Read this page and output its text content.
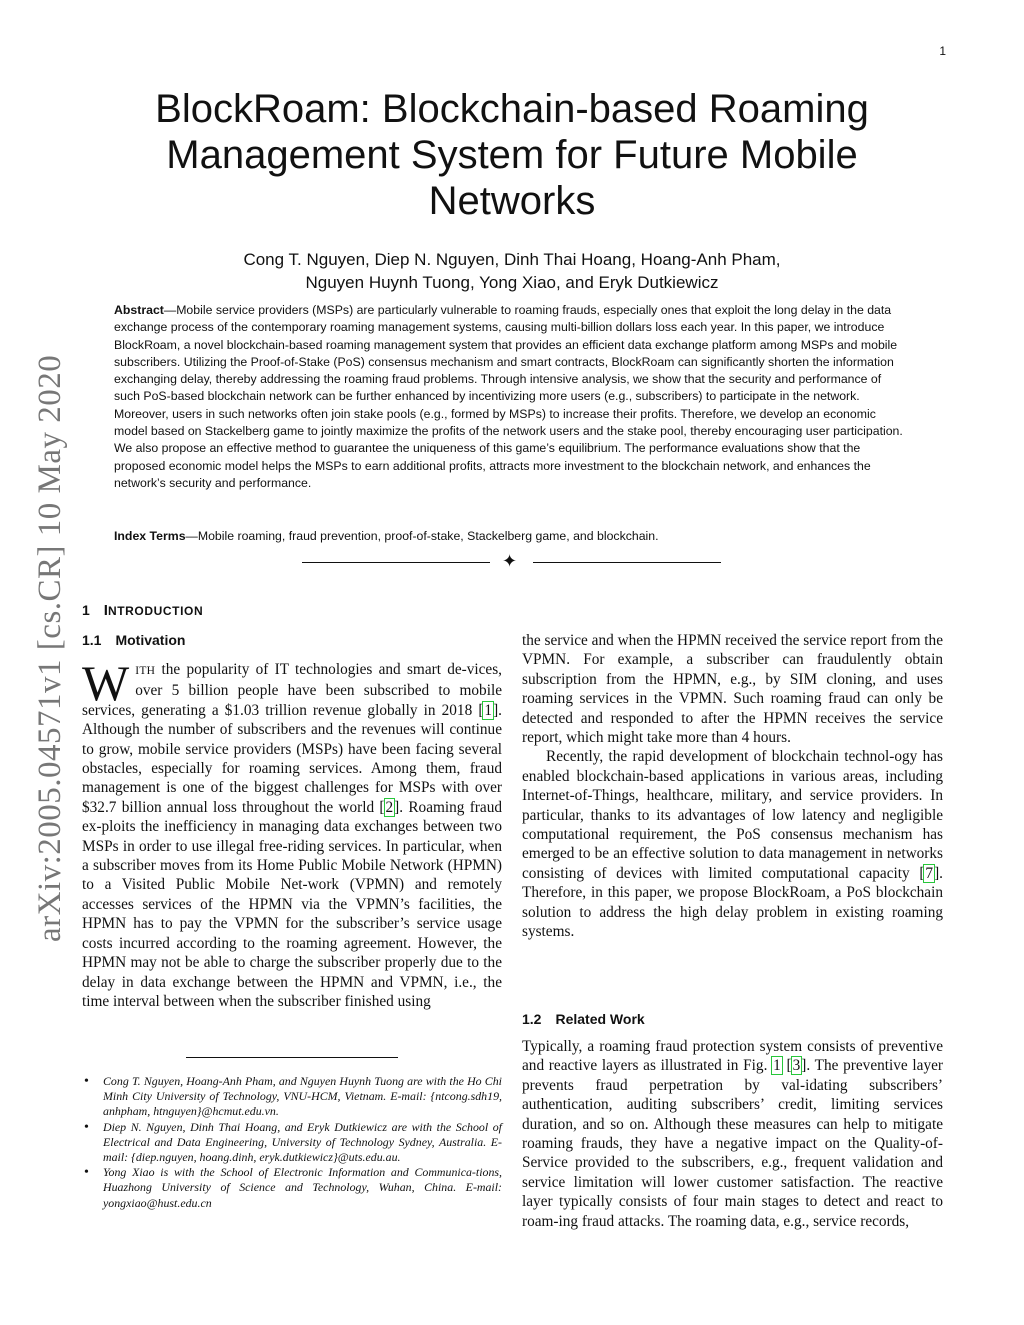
1
arXiv:2005.04571v1 [cs.CR] 10 May 2020
BlockRoam: Blockchain-based Roaming Management System for Future Mobile Networks
Cong T. Nguyen, Diep N. Nguyen, Dinh Thai Hoang, Hoang-Anh Pham,
Nguyen Huynh Tuong, Yong Xiao, and Eryk Dutkiewicz

Abstract—Mobile service providers (MSPs) are particularly vulnerable to roaming frauds, especially ones that exploit the long delay in the data exchange process of the contemporary roaming management systems, causing multi-billion dollars loss each year. In this paper, we introduce BlockRoam, a novel blockchain-based roaming management system that provides an efficient data exchange platform among MSPs and mobile subscribers. Utilizing the Proof-of-Stake (PoS) consensus mechanism and smart contracts, BlockRoam can significantly shorten the information exchanging delay, thereby addressing the roaming fraud problems. Through intensive analysis, we show that the security and performance of such PoS-based blockchain network can be further enhanced by incentivizing more users (e.g., subscribers) to participate in the network. Moreover, users in such networks often join stake pools (e.g., formed by MSPs) to increase their profits. Therefore, we develop an economic model based on Stackelberg game to jointly maximize the profits of the network users and the stake pool, thereby encouraging user participation. We also propose an effective method to guarantee the uniqueness of this game’s equilibrium. The performance evaluations show that the proposed economic model helps the MSPs to earn additional profits, attracts more investment to the blockchain network, and enhances the network’s security and performance.

Index Terms—Mobile roaming, fraud prevention, proof-of-stake, Stackelberg game, and blockchain.

✦
1 INTRODUCTION
1.1 Motivation

WITH the popularity of IT technologies and smart de-vices, over 5 billion people have been subscribed to mobile services, generating a $1.03 trillion revenue globally in 2018 [1]. Although the number of subscribers and the revenues will continue to grow, mobile service providers (MSPs) have been facing several obstacles, especially for roaming services. Among them, fraud management is one of the biggest challenges for MSPs with over $32.7 billion annual loss throughout the world [2]. Roaming fraud ex-ploits the inefficiency in managing data exchanges between two MSPs in order to use illegal free-riding services. In particular, when a subscriber moves from its Home Public Mobile Network (HPMN) to a Visited Public Mobile Net-work (VPMN) and remotely accesses services of the HPMN via the VPMN’s facilities, the HPMN has to pay the VPMN for the subscriber’s service usage costs incurred according to the roaming agreement. However, the HPMN may not be able to charge the subscriber properly due to the delay in data exchange between the HPMN and VPMN, i.e., the time interval between when the subscriber finished using

the service and when the HPMN received the service report from the VPMN. For example, a subscriber can fraudulently obtain subscription from the HPMN, e.g., by SIM cloning, and uses roaming services in the VPMN. Such roaming fraud can only be detected and responded to after the HPMN receives the service report, which might take more than 4 hours.

Recently, the rapid development of blockchain technol-ogy has enabled blockchain-based applications in various areas, including Internet-of-Things, healthcare, military, and service providers. In particular, thanks to its advantages of low latency and negligible computational requirement, the PoS consensus mechanism has emerged to be an effective solution to data management in networks consisting of devices with limited computational capacity [7]. Therefore, in this paper, we propose BlockRoam, a PoS blockchain solution to address the high delay problem in existing roaming systems.

1.2 Related Work

Typically, a roaming fraud protection system consists of preventive and reactive layers as illustrated in Fig. 1 [3]. The preventive layer prevents fraud perpetration by val-idating subscribers’ authentication, auditing subscribers’ credit, limiting services duration, and so on. Although these measures can help to mitigate roaming frauds, they have a negative impact on the Quality-of-Service provided to the subscribers, e.g., frequent validation and service limitation will lower customer satisfaction. The reactive layer typically consists of four main stages to detect and react to roam-ing fraud attacks. The roaming data, e.g., service records,

• Cong T. Nguyen, Hoang-Anh Pham, and Nguyen Huynh Tuong are with the Ho Chi Minh City University of Technology, VNU-HCM, Vietnam. E-mail: {ntcong.sdh19, anhpham, htnguyen}@hcmut.edu.vn.
• Diep N. Nguyen, Dinh Thai Hoang, and Eryk Dutkiewicz are with the School of Electrical and Data Engineering, University of Technology Sydney, Australia. E-mail: {diep.nguyen, hoang.dinh, eryk.dutkiewicz}@uts.edu.au.
• Yong Xiao is with the School of Electronic Information and Communica-tions, Huazhong University of Science and Technology, Wuhan, China. E-mail: yongxiao@hust.edu.cn
